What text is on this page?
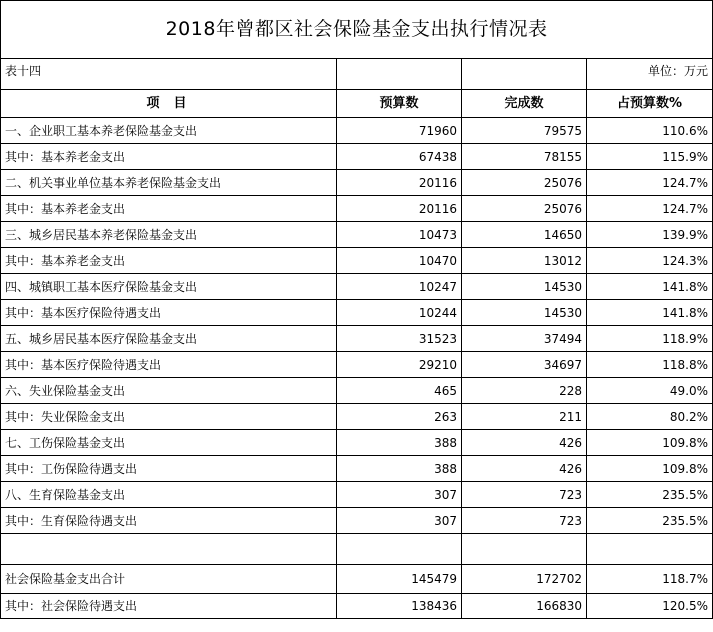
2018年曾都区社会保险基金支出执行情况表			
表十四			单位：万元
项目	预算数	完成数	占预算数%
一、企业职工基本养老保险基金支出	71960	79575	110.6%
其中：基本养老金支出	67438	78155	115.9%
二、机关事业单位基本养老保险基金支出	20116	25076	124.7%
其中：基本养老金支出	20116	25076	124.7%
三、城乡居民基本养老保险基金支出	10473	14650	139.9%
其中：基本养老金支出	10470	13012	124.3%
四、城镇职工基本医疗保险基金支出	10247	14530	141.8%
其中：基本医疗保险待遇支出	10244	14530	141.8%
五、城乡居民基本医疗保险基金支出	31523	37494	118.9%
其中：基本医疗保险待遇支出	29210	34697	118.8%
六、失业保险基金支出	465	228	49.0%
其中：失业保险金支出	263	211	80.2%
七、工伤保险基金支出	388	426	109.8%
其中：工伤保险待遇支出	388	426	109.8%
八、生育保险基金支出	307	723	235.5%
其中：生育保险待遇支出	307	723	235.5%

社会保险基金支出合计	145479	172702	118.7%
其中：社会保险待遇支出	138436	166830	120.5%
